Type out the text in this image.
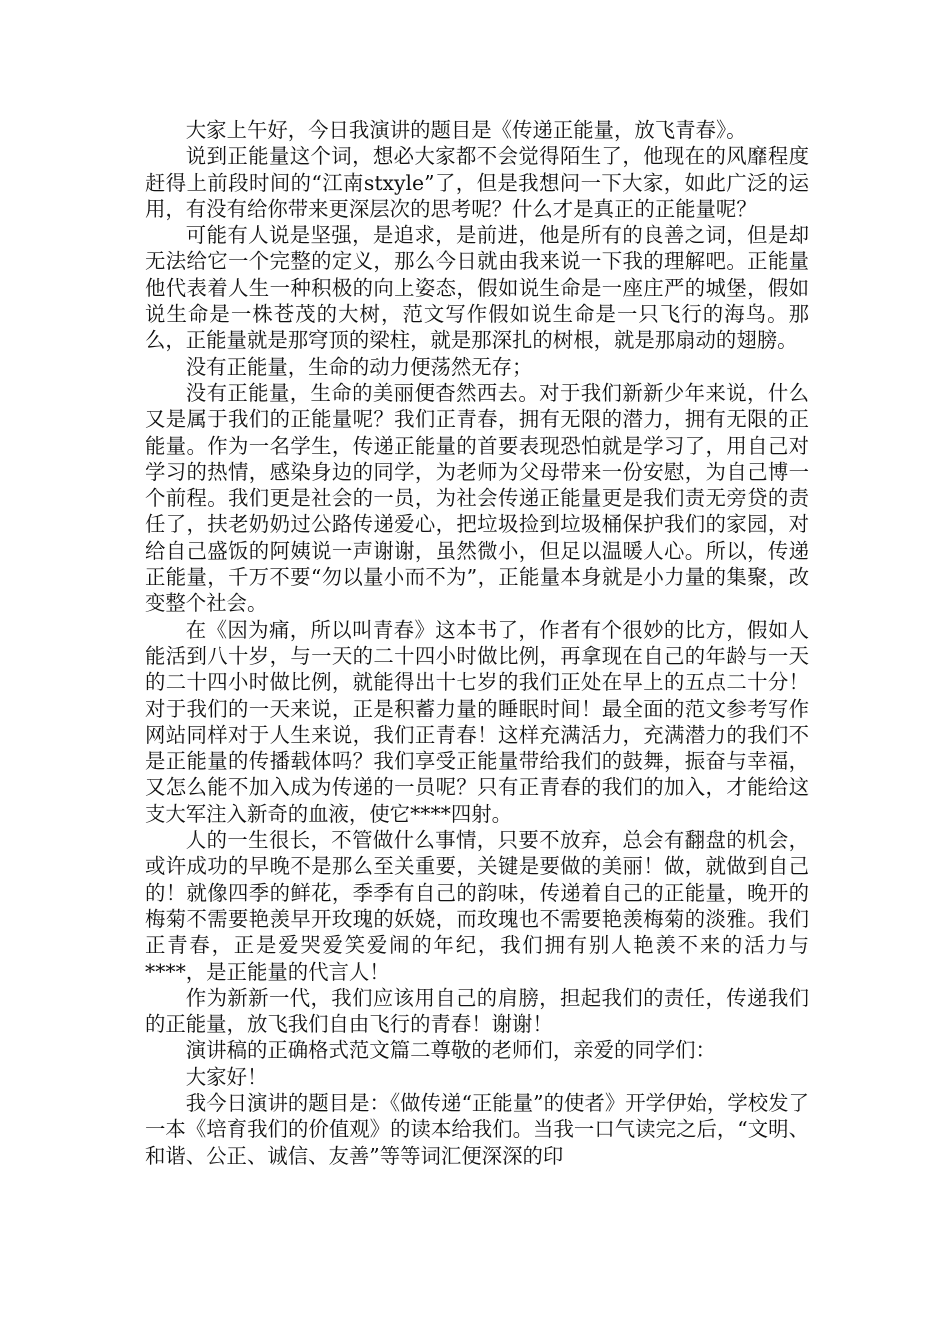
大家上午好，今日我演讲的题目是《传递正能量，放飞青春》。

说到正能量这个词，想必大家都不会觉得陌生了，他现在的风靡程度赶得上前段时间的“江南stxyle”了，但是我想问一下大家，如此广泛的运用，有没有给你带来更深层次的思考呢？什么才是真正的正能量呢？

可能有人说是坚强，是追求，是前进，他是所有的良善之词，但是却无法给它一个完整的定义，那么今日就由我来说一下我的理解吧。正能量他代表着人生一种积极的向上姿态，假如说生命是一座庄严的城堡，假如说生命是一株苍茂的大树，范文写作假如说生命是一只飞行的海鸟。那么，正能量就是那穹顶的梁柱，就是那深扎的树根，就是那扇动的翅膀。

没有正能量，生命的动力便荡然无存；

没有正能量，生命的美丽便杳然西去。对于我们新新少年来说，什么又是属于我们的正能量呢？我们正青春，拥有无限的潜力，拥有无限的正能量。作为一名学生，传递正能量的首要表现恐怕就是学习了，用自己对学习的热情，感染身边的同学，为老师为父母带来一份安慰，为自己博一个前程。我们更是社会的一员，为社会传递正能量更是我们责无旁贷的责任了，扶老奶奶过公路传递爱心，把垃圾捡到垃圾桶保护我们的家园，对给自己盛饭的阿姨说一声谢谢，虽然微小，但足以温暖人心。所以，传递正能量，千万不要“勿以量小而不为”，正能量本身就是小力量的集聚，改变整个社会。

在《因为痛，所以叫青春》这本书了，作者有个很妙的比方，假如人能活到八十岁，与一天的二十四小时做比例，再拿现在自己的年龄与一天的二十四小时做比例，就能得出十七岁的我们正处在早上的五点二十分！对于我们的一天来说，正是积蓄力量的睡眠时间！最全面的范文参考写作网站同样对于人生来说，我们正青春！这样充满活力，充满潜力的我们不是正能量的传播载体吗？我们享受正能量带给我们的鼓舞，振奋与幸福，又怎么能不加入成为传递的一员呢？只有正青春的我们的加入，才能给这支大军注入新奇的血液，使它****四射。

人的一生很长，不管做什么事情，只要不放弃，总会有翻盘的机会，或许成功的早晚不是那么至关重要，关键是要做的美丽！做，就做到自己的！就像四季的鲜花，季季有自己的韵味，传递着自己的正能量，晚开的梅菊不需要艳羡早开玫瑰的妖娆，而玫瑰也不需要艳羡梅菊的淡雅。我们正青春，正是爱哭爱笑爱闹的年纪，我们拥有别人艳羡不来的活力与****，是正能量的代言人！

作为新新一代，我们应该用自己的肩膀，担起我们的责任，传递我们的正能量，放飞我们自由飞行的青春！谢谢！

演讲稿的正确格式范文篇二尊敬的老师们，亲爱的同学们：

大家好！

我今日演讲的题目是：《做传递“正能量”的使者》开学伊始，学校发了一本《培育我们的价值观》的读本给我们。当我一口气读完之后，“文明、和谐、公正、诚信、友善”等等词汇便深深的印
